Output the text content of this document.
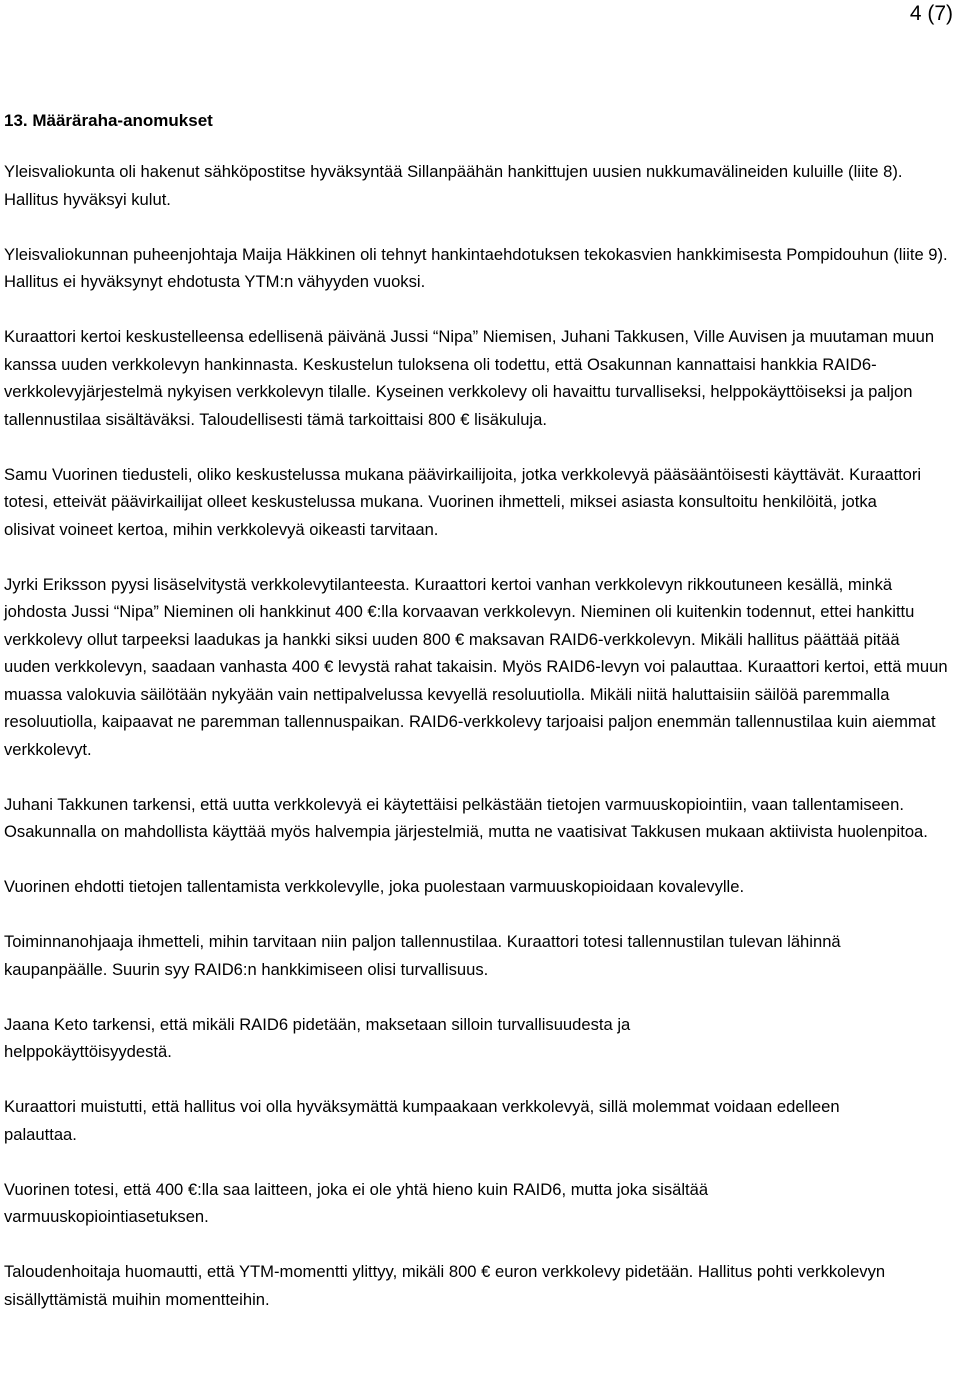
4 (7)
13. Määräraha-anomukset
Yleisvaliokunta oli hakenut sähköpostitse hyväksyntää Sillanpäähän hankittujen uusien nukkumavälineiden kuluille (liite 8). Hallitus hyväksyi kulut.
Yleisvaliokunnan puheenjohtaja Maija Häkkinen oli tehnyt hankintaehdotuksen tekokasvien hankkimisesta Pompidouhun (liite 9). Hallitus ei hyväksynyt ehdotusta YTM:n vähyyden vuoksi.
Kuraattori kertoi keskustelleensa edellisenä päivänä Jussi “Nipa” Niemisen, Juhani Takkusen, Ville Auvisen ja muutaman muun kanssa uuden verkkolevyn hankinnasta. Keskustelun tuloksena oli todettu, että Osakunnan kannattaisi hankkia RAID6-verkkolevyjärjestelmä nykyisen verkkolevyn tilalle. Kyseinen verkkolevy oli havaittu turvalliseksi, helppokäyttöiseksi ja paljon tallennustilaa sisältäväksi. Taloudellisesti tämä tarkoittaisi 800 € lisäkuluja.
Samu Vuorinen tiedusteli, oliko keskustelussa mukana päävirkailijoita, jotka verkkolevyä pääsääntöisesti käyttävät. Kuraattori totesi, etteivät päävirkailijat olleet keskustelussa mukana. Vuorinen ihmetteli, miksei asiasta konsultoitu henkilöitä, jotka olisivat voineet kertoa, mihin verkkolevyä oikeasti tarvitaan.
Jyrki Eriksson pyysi lisäselvitystä verkkolevytilanteesta. Kuraattori kertoi vanhan verkkolevyn rikkoutuneen kesällä, minkä johdosta Jussi “Nipa” Nieminen oli hankkinut 400 €:lla korvaavan verkkolevyn. Nieminen oli kuitenkin todennut, ettei hankittu verkkolevy ollut tarpeeksi laadukas ja hankki siksi uuden 800 € maksavan RAID6-verkkolevyn. Mikäli hallitus päättää pitää uuden verkkolevyn, saadaan vanhasta 400 € levystä rahat takaisin. Myös RAID6-levyn voi palauttaa. Kuraattori kertoi, että muun muassa valokuvia säilötään nykyään vain nettipalvelussa kevyellä resoluutiolla. Mikäli niitä haluttaisiin säilöä paremmalla resoluutiolla, kaipaavat ne paremman tallennuspaikan. RAID6-verkkolevy tarjoaisi paljon enemmän tallennustilaa kuin aiemmat verkkolevyt.
Juhani Takkunen tarkensi, että uutta verkkolevyä ei käytettäisi pelkästään tietojen varmuuskopiointiin, vaan tallentamiseen. Osakunnalla on mahdollista käyttää myös halvempia järjestelmiä, mutta ne vaatisivat Takkusen mukaan aktiivista huolenpitoa.
Vuorinen ehdotti tietojen tallentamista verkkolevylle, joka puolestaan varmuuskopioidaan kovalevylle.
Toiminnanohjaaja ihmetteli, mihin tarvitaan niin paljon tallennustilaa. Kuraattori totesi tallennustilan tulevan lähinnä kaupanpäälle. Suurin syy RAID6:n hankkimiseen olisi turvallisuus.
Jaana Keto tarkensi, että mikäli RAID6 pidetään, maksetaan silloin turvallisuudesta ja helppokäyttöisyydestä.
Kuraattori muistutti, että hallitus voi olla hyväksymättä kumpaakaan verkkolevyä, sillä molemmat voidaan edelleen palauttaa.
Vuorinen totesi, että 400 €:lla saa laitteen, joka ei ole yhtä hieno kuin RAID6, mutta joka sisältää varmuuskopiointiasetuksen.
Taloudenhoitaja huomautti, että YTM-momentti ylittyy, mikäli 800 € euron verkkolevy pidetään. Hallitus pohti verkkolevyn sisällyttämistä muihin momentteihin.
